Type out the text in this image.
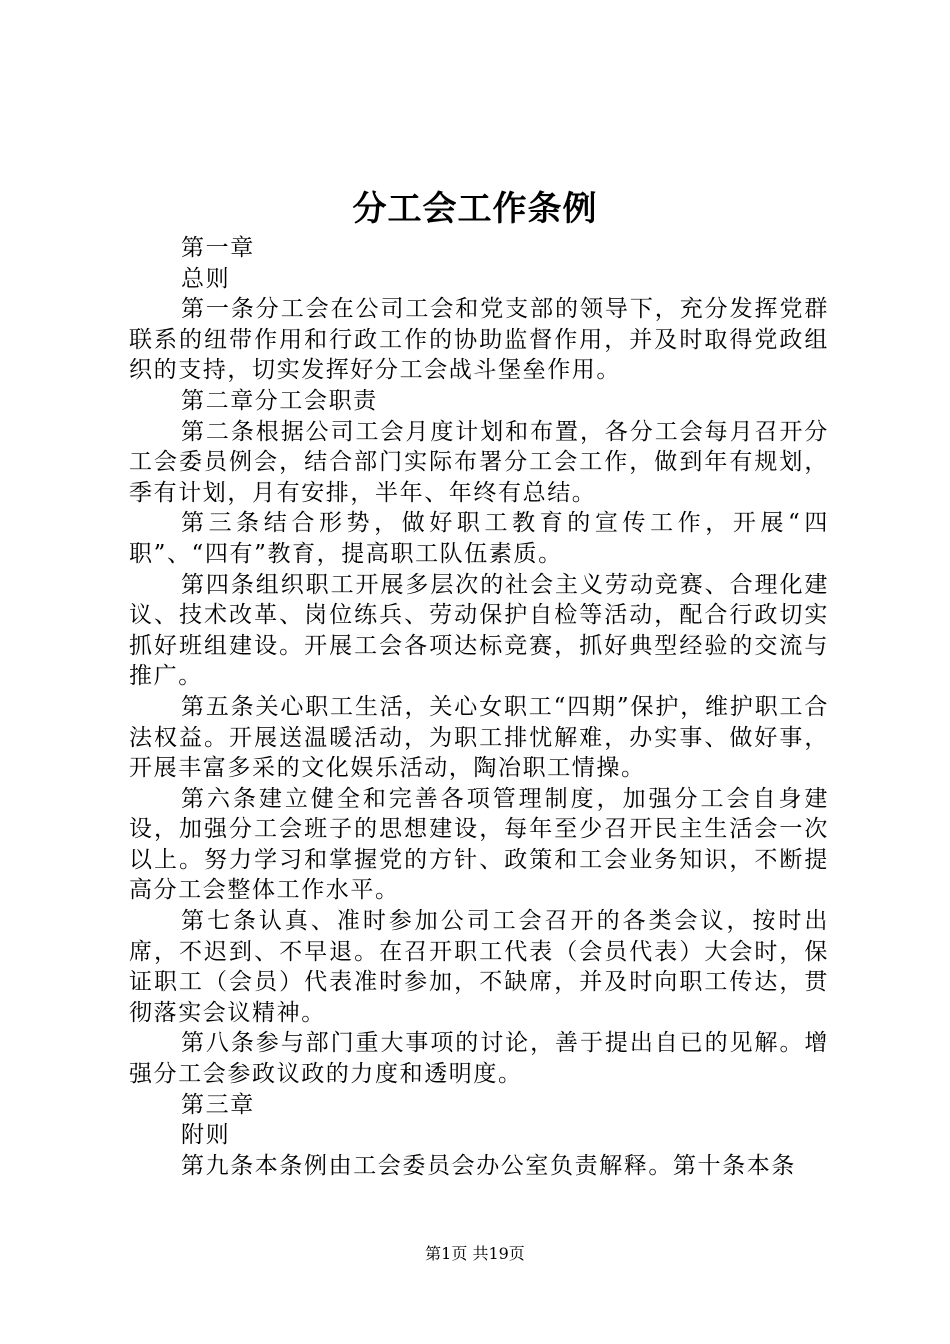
分工会工作条例

第一章

总则

第一条分工会在公司工会和党支部的领导下，充分发挥党群联系的纽带作用和行政工作的协助监督作用，并及时取得党政组织的支持，切实发挥好分工会战斗堡垒作用。

第二章分工会职责

第二条根据公司工会月度计划和布置，各分工会每月召开分工会委员例会，结合部门实际布署分工会工作，做到年有规划，季有计划，月有安排，半年、年终有总结。

第三条结合形势，做好职工教育的宣传工作，开展“四职”、“四有”教育，提高职工队伍素质。

第四条组织职工开展多层次的社会主义劳动竞赛、合理化建议、技术改革、岗位练兵、劳动保护自检等活动，配合行政切实抓好班组建设。开展工会各项达标竞赛，抓好典型经验的交流与推广。

第五条关心职工生活，关心女职工“四期”保护，维护职工合法权益。开展送温暖活动，为职工排忧解难，办实事、做好事，开展丰富多采的文化娱乐活动，陶冶职工情操。

第六条建立健全和完善各项管理制度，加强分工会自身建设，加强分工会班子的思想建设，每年至少召开民主生活会一次以上。努力学习和掌握党的方针、政策和工会业务知识，不断提高分工会整体工作水平。

第七条认真、准时参加公司工会召开的各类会议，按时出席，不迟到、不早退。在召开职工代表（会员代表）大会时，保证职工（会员）代表准时参加，不缺席，并及时向职工传达，贯彻落实会议精神。

第八条参与部门重大事项的讨论，善于提出自已的见解。增强分工会参政议政的力度和透明度。

第三章

附则

第九条本条例由工会委员会办公室负责解释。第十条本条

第1页 共19页
